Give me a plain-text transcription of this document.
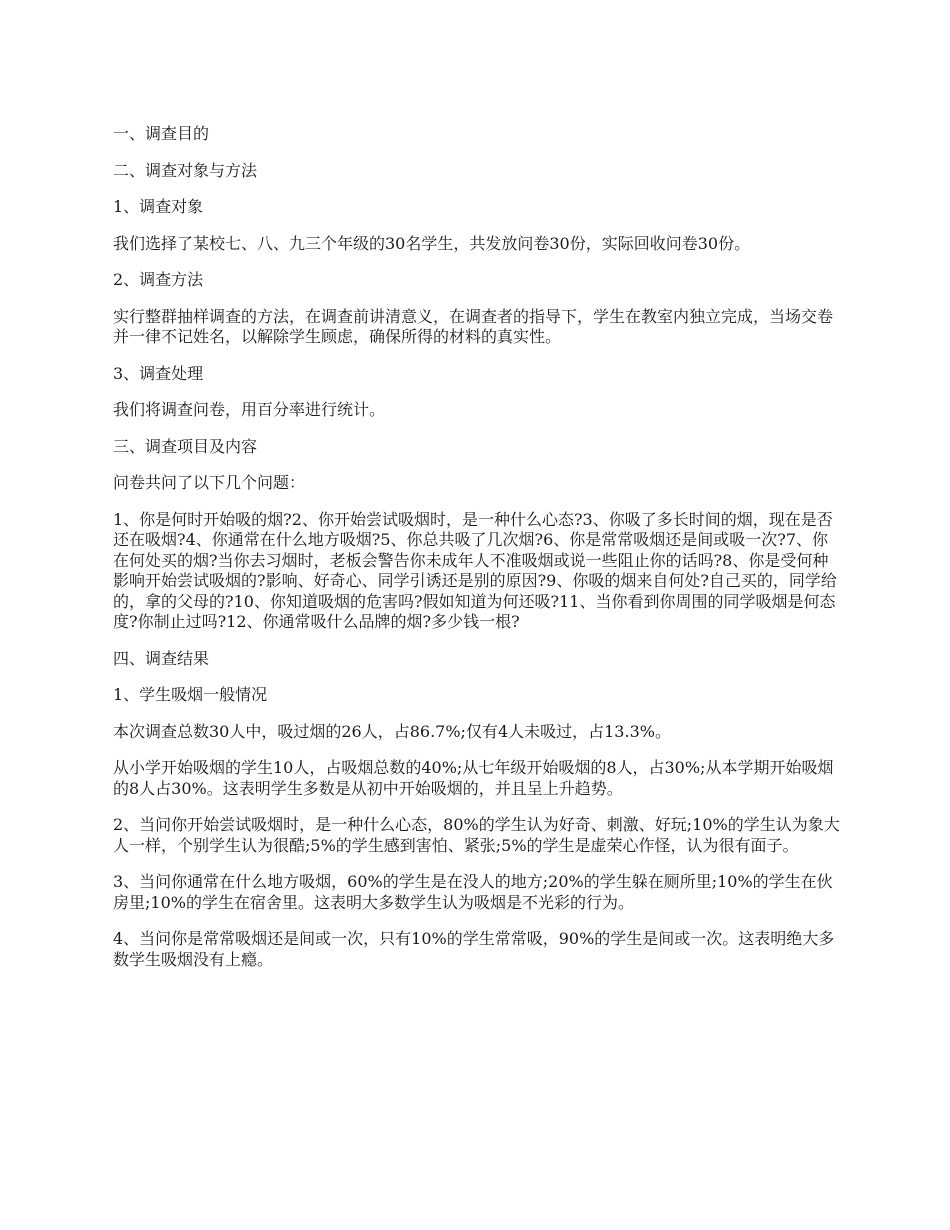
一、调查目的

二、调查对象与方法

1、调查对象

我们选择了某校七、八、九三个年级的30名学生，共发放问卷30份，实际回收问卷30份。

2、调查方法

实行整群抽样调查的方法，在调查前讲清意义，在调查者的指导下，学生在教室内独立完成，当场交卷并一律不记姓名，以解除学生顾虑，确保所得的材料的真实性。

3、调查处理

我们将调查问卷，用百分率进行统计。

三、调查项目及内容

问卷共问了以下几个问题：

1、你是何时开始吸的烟?2、你开始尝试吸烟时，是一种什么心态?3、你吸了多长时间的烟，现在是否还在吸烟?4、你通常在什么地方吸烟?5、你总共吸了几次烟?6、你是常常吸烟还是间或吸一次?7、你在何处买的烟?当你去习烟时，老板会警告你未成年人不准吸烟或说一些阻止你的话吗?8、你是受何种影响开始尝试吸烟的?影响、好奇心、同学引诱还是别的原因?9、你吸的烟来自何处?自己买的，同学给的，拿的父母的?10、你知道吸烟的危害吗?假如知道为何还吸?11、当你看到你周围的同学吸烟是何态度?你制止过吗?12、你通常吸什么品牌的烟?多少钱一根?

四、调查结果

1、学生吸烟一般情况

本次调查总数30人中，吸过烟的26人，占86.7%;仅有4人未吸过，占13.3%。

从小学开始吸烟的学生10人，占吸烟总数的40%;从七年级开始吸烟的8人，占30%;从本学期开始吸烟的8人占30%。这表明学生多数是从初中开始吸烟的，并且呈上升趋势。

2、当问你开始尝试吸烟时，是一种什么心态，80%的学生认为好奇、刺激、好玩;10%的学生认为象大人一样，个别学生认为很酷;5%的学生感到害怕、紧张;5%的学生是虚荣心作怪，认为很有面子。

3、当问你通常在什么地方吸烟，60%的学生是在没人的地方;20%的学生躲在厕所里;10%的学生在伙房里;10%的学生在宿舍里。这表明大多数学生认为吸烟是不光彩的行为。

4、当问你是常常吸烟还是间或一次，只有10%的学生常常吸，90%的学生是间或一次。这表明绝大多数学生吸烟没有上瘾。
